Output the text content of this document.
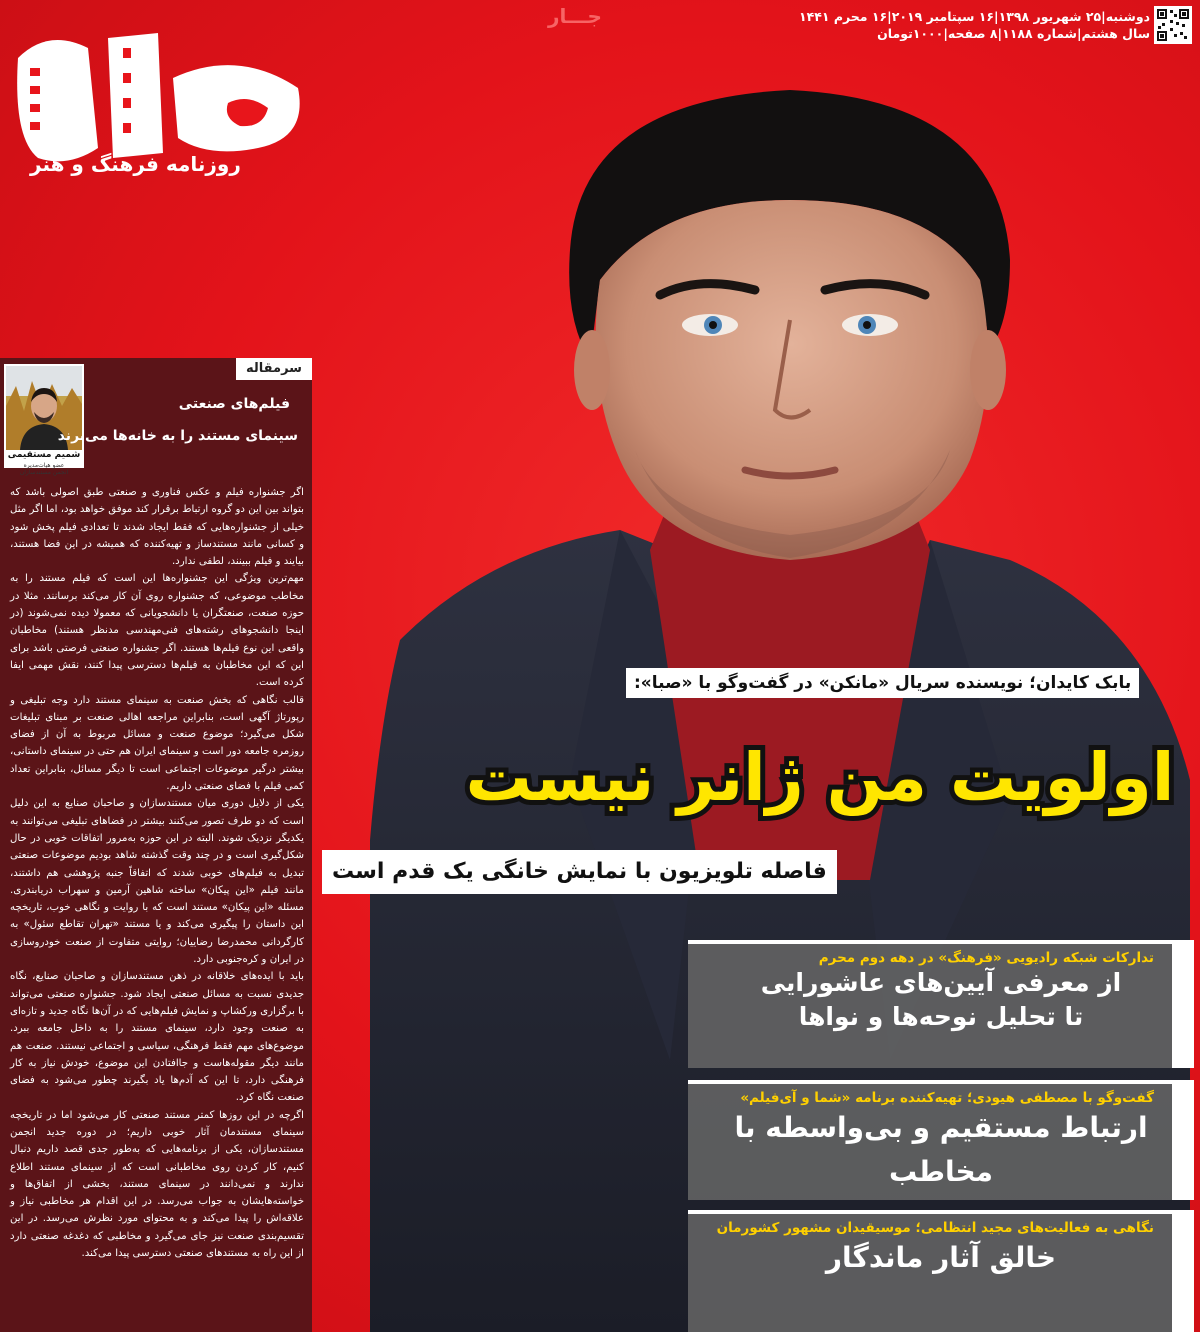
روزنامه فرهنگ و هنر
جـــار	دوشنبه|۲۵ شهریور ۱۳۹۸|۱۶ سپتامبر ۲۰۱۹|۱۶ محرم ۱۴۴۱
سال هشتم|شماره ۱۱۸۸|۸ صفحه|۱۰۰۰تومان
سرمقاله
شمیم مستقیمی
عضو هیات‌مدیره
انجمن مستندسازان
فیلم‌های صنعتی
سینمای مستند را به خانه‌ها می‌برند

اگر جشنواره فیلم و عکس فناوری و صنعتی طبق اصولی باشد که بتواند بین این دو گروه ارتباط برقرار کند موفق خواهد بود، اما اگر مثل خیلی از جشنواره‌هایی که فقط ایجاد شدند تا تعدادی فیلم پخش شود و کسانی مانند مستندساز و تهیه‌کننده که همیشه در این فضا هستند، بیایند و فیلم ببینند، لطفی ندارد.

مهم‌ترین ویژگی این جشنواره‌ها این است که فیلم مستند را به مخاطب موضوعی، که جشنواره روی آن کار می‌کند برسانند. مثلا در حوزه صنعت، صنعتگران یا دانشجویانی که معمولا دیده نمی‌شوند (در اینجا دانشجوهای رشته‌های فنی‌مهندسی مدنظر هستند) مخاطبان واقعی این نوع فیلم‌ها هستند. اگر جشنواره صنعتی فرصتی باشد برای این که این مخاطبان به فیلم‌ها دسترسی پیدا کنند، نقش مهمی ایفا کرده است.

قالب نگاهی که بخش صنعت به سینمای مستند دارد وجه تبلیغی و رپورتاژ آگهی است، بنابراین مراجعه اهالی صنعت بر مبنای تبلیغات شکل می‌گیرد؛ موضوع صنعت و مسائل مربوط به آن از فضای روزمره جامعه دور است و سینمای ایران هم حتی در سینمای داستانی، بیشتر درگیر موضوعات اجتماعی است تا دیگر مسائل، بنابراین تعداد کمی فیلم با فضای صنعتی داریم.

یکی از دلایل دوری میان مستندسازان و صاحبان صنایع به این دلیل است که دو طرف تصور می‌کنند بیشتر در فضاهای تبلیغی می‌توانند به یکدیگر نزدیک شوند. البته در این حوزه به‌مرور اتفاقات خوبی در حال شکل‌گیری است و در چند وقت گذشته شاهد بودیم موضوعات صنعتی تبدیل به فیلم‌های خوبی شدند که اتفاقاً جنبه پژوهشی هم داشتند، مانند فیلم «این پیکان» ساخته شاهین آرمین و سهراب دریابندری. مسئله «این پیکان» مستند است که با روایت و نگاهی خوب، تاریخچه این داستان را پیگیری می‌کند و یا مستند «تهران تقاطع سئول» به کارگردانی محمدرضا رضاییان؛ روایتی متفاوت از صنعت خودروسازی در ایران و کره‌جنوبی دارد.

باید با ایده‌های خلاقانه در ذهن مستندسازان و صاحبان صنایع، نگاه جدیدی نسبت به مسائل صنعتی ایجاد شود. جشنواره صنعتی می‌تواند با برگزاری ورکشاپ و نمایش فیلم‌هایی که در آن‌ها نگاه جدید و تازه‌ای به صنعت وجود دارد، سینمای مستند را به داخل جامعه ببرد. موضوع‌های مهم فقط فرهنگی، سیاسی و اجتماعی نیستند. صنعت هم مانند دیگر مقوله‌هاست و جاافتادن این موضوع، خودش نیاز به کار فرهنگی دارد، تا این که آدم‌ها یاد بگیرند چطور می‌شود به فضای صنعت نگاه کرد.

اگرچه در این روزها کمتر مستند صنعتی کار می‌شود اما در تاریخچه سینمای مستندمان آثار خوبی داریم؛ در دوره جدید انجمن مستندسازان، یکی از برنامه‌هایی که به‌طور جدی قصد داریم دنبال کنیم، کار کردن روی مخاطبانی است که از سینمای مستند اطلاع ندارند و نمی‌دانند در سینمای مستند، بخشی از اتفاق‌ها و خواسته‌هایشان به جواب می‌رسد. در این اقدام هر مخاطبی نیاز و علاقه‌اش را پیدا می‌کند و به محتوای مورد نظرش می‌رسد. در این تقسیم‌بندی صنعت نیز جای می‌گیرد و مخاطبی که دغدغه صنعتی دارد از این راه به مستندهای صنعتی دسترسی پیدا می‌کند.

بابک کایدان؛ نویسنده سریال «مانکن» در گفت‌وگو با «صبا»:
اولویت من ژانر نیست
فاصله تلویزیون با نمایش خانگی یک قدم است
تدارکات شبکه رادیویی «فرهنگ» در دهه دوم محرم
از معرفی آیین‌های عاشورایی
تا تحلیل نوحه‌ها و نواها
گفت‌وگو با مصطفی هیودی؛ تهیه‌کننده برنامه «شما و آی‌فیلم»
ارتباط مستقیم و بی‌واسطه با مخاطب
نگاهی به فعالیت‌های مجید انتظامی؛ موسیقیدان مشهور کشورمان
خالق آثار ماندگار
